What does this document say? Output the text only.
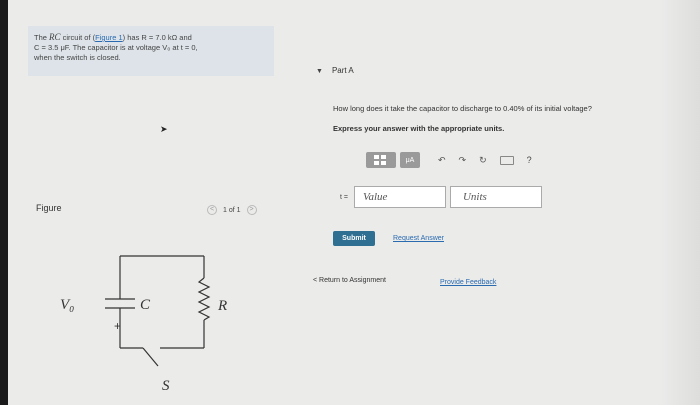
The RC circuit of (Figure 1) has R = 7.0 kΩ and
C = 3.5 μF. The capacitor is at voltage V₀ at t = 0,
when the switch is closed.
➤
Figure	<	1 of 1	>
V₀	C
+
S
R
▼ Part A
How long does it take the capacitor to discharge to 0.40% of its initial voltage?
Express your answer with the appropriate units.
μA	↶ ↷ ↻	?
t =	Value	Units
Submit	Request Answer
< Return to Assignment	Provide Feedback
